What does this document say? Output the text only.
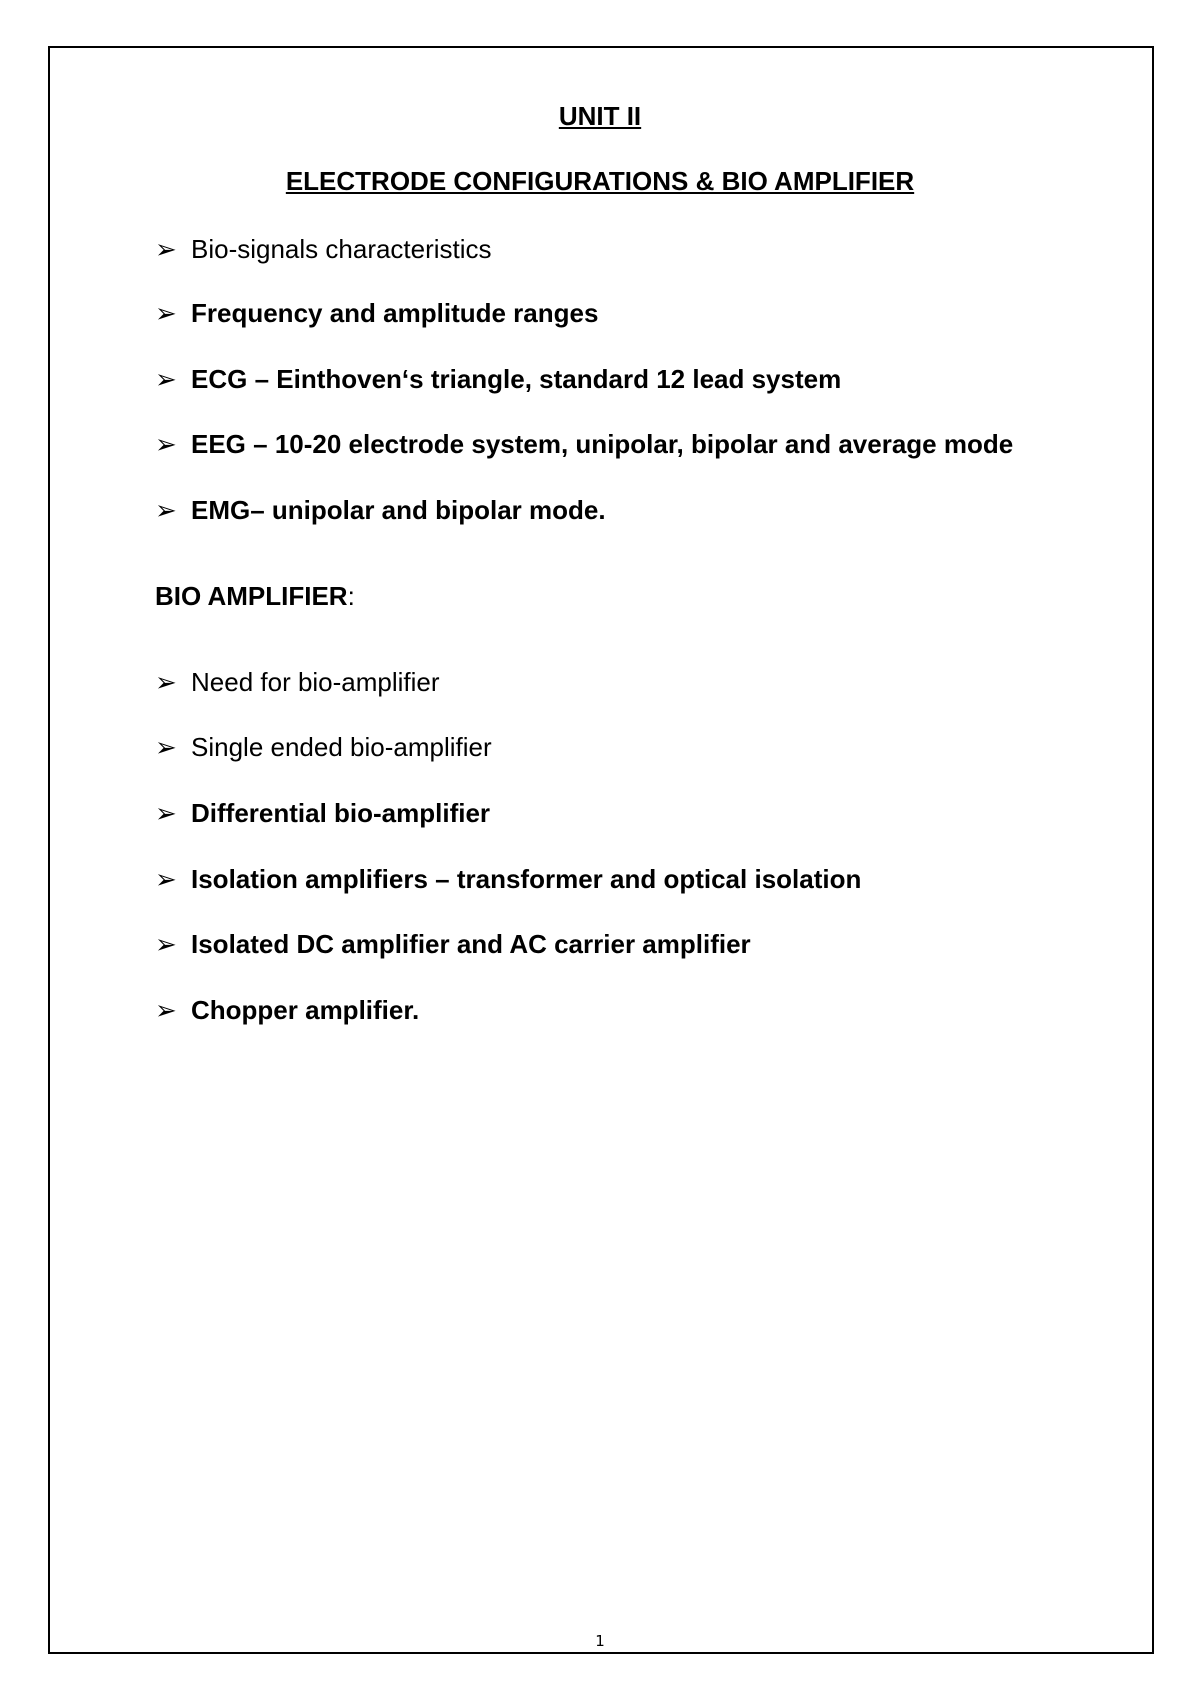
UNIT II
ELECTRODE CONFIGURATIONS & BIO AMPLIFIER
➢ Bio-signals characteristics
➢ Frequency and amplitude ranges
➢ ECG – Einthoven‘s triangle, standard 12 lead system
➢ EEG – 10-20 electrode system, unipolar, bipolar and average mode
➢ EMG– unipolar and bipolar mode.
BIO AMPLIFIER:
➢ Need for bio-amplifier
➢ Single ended bio-amplifier
➢ Differential bio-amplifier
➢ Isolation amplifiers – transformer and optical isolation
➢ Isolated DC amplifier and AC carrier amplifier
➢ Chopper amplifier.
1
